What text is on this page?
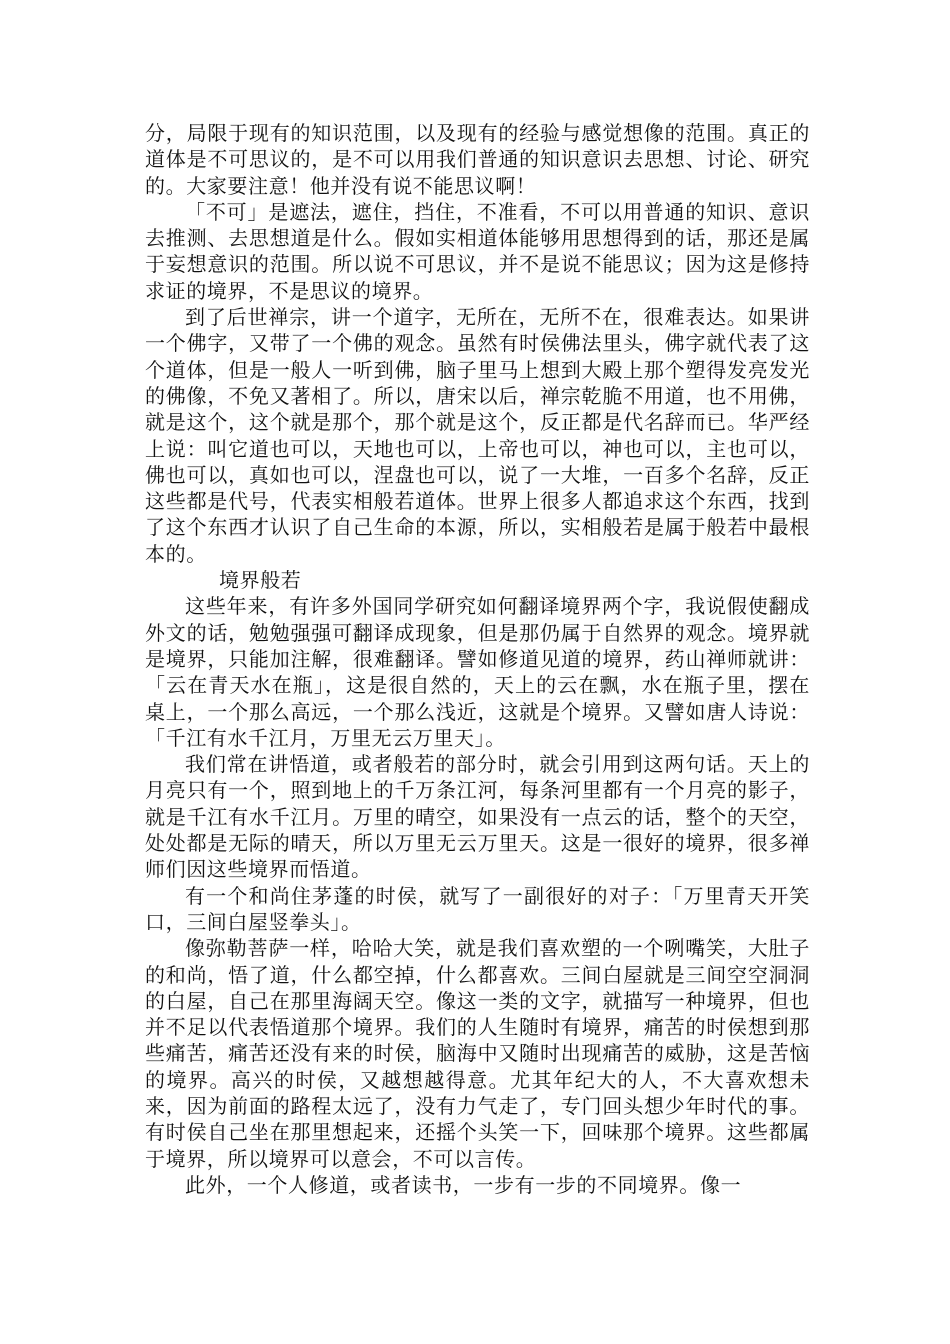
分，局限于现有的知识范围，以及现有的经验与感觉想像的范围。真正的道体是不可思议的，是不可以用我们普通的知识意识去思想、讨论、研究的。大家要注意！他并没有说不能思议啊！

「不可」是遮法，遮住，挡住，不准看，不可以用普通的知识、意识去推测、去思想道是什么。假如实相道体能够用思想得到的话，那还是属于妄想意识的范围。所以说不可思议，并不是说不能思议；因为这是修持求证的境界，不是思议的境界。

到了后世禅宗，讲一个道字，无所在，无所不在，很难表达。如果讲一个佛字，又带了一个佛的观念。虽然有时侯佛法里头，佛字就代表了这个道体，但是一般人一听到佛，脑子里马上想到大殿上那个塑得发亮发光的佛像，不免又著相了。所以，唐宋以后，禅宗乾脆不用道，也不用佛，就是这个，这个就是那个，那个就是这个，反正都是代名辞而已。华严经上说：叫它道也可以，天地也可以，上帝也可以，神也可以，主也可以，佛也可以，真如也可以，涅盘也可以，说了一大堆，一百多个名辞，反正这些都是代号，代表实相般若道体。世界上很多人都追求这个东西，找到了这个东西才认识了自己生命的本源，所以，实相般若是属于般若中最根本的。

境界般若

这些年来，有许多外国同学研究如何翻译境界两个字，我说假使翻成外文的话，勉勉强强可翻译成现象，但是那仍属于自然界的观念。境界就是境界，只能加注解，很难翻译。譬如修道见道的境界，药山禅师就讲：「云在青天水在瓶」，这是很自然的，天上的云在飘，水在瓶子里，摆在桌上，一个那么高远，一个那么浅近，这就是个境界。又譬如唐人诗说：「千江有水千江月，万里无云万里天」。

我们常在讲悟道，或者般若的部分时，就会引用到这两句话。天上的月亮只有一个，照到地上的千万条江河，每条河里都有一个月亮的影子，就是千江有水千江月。万里的晴空，如果没有一点云的话，整个的天空，处处都是无际的晴天，所以万里无云万里天。这是一很好的境界，很多禅师们因这些境界而悟道。

有一个和尚住茅蓬的时侯，就写了一副很好的对子：「万里青天开笑口，三间白屋竖拳头」。

像弥勒菩萨一样，哈哈大笑，就是我们喜欢塑的一个咧嘴笑，大肚子的和尚，悟了道，什么都空掉，什么都喜欢。三间白屋就是三间空空洞洞的白屋，自己在那里海阔天空。像这一类的文字，就描写一种境界，但也并不足以代表悟道那个境界。我们的人生随时有境界，痛苦的时侯想到那些痛苦，痛苦还没有来的时侯，脑海中又随时出现痛苦的威胁，这是苦恼的境界。高兴的时侯，又越想越得意。尤其年纪大的人，不大喜欢想未来，因为前面的路程太远了，没有力气走了，专门回头想少年时代的事。有时侯自己坐在那里想起来，还摇个头笑一下，回味那个境界。这些都属于境界，所以境界可以意会，不可以言传。

此外，一个人修道，或者读书，一步有一步的不同境界。像一
